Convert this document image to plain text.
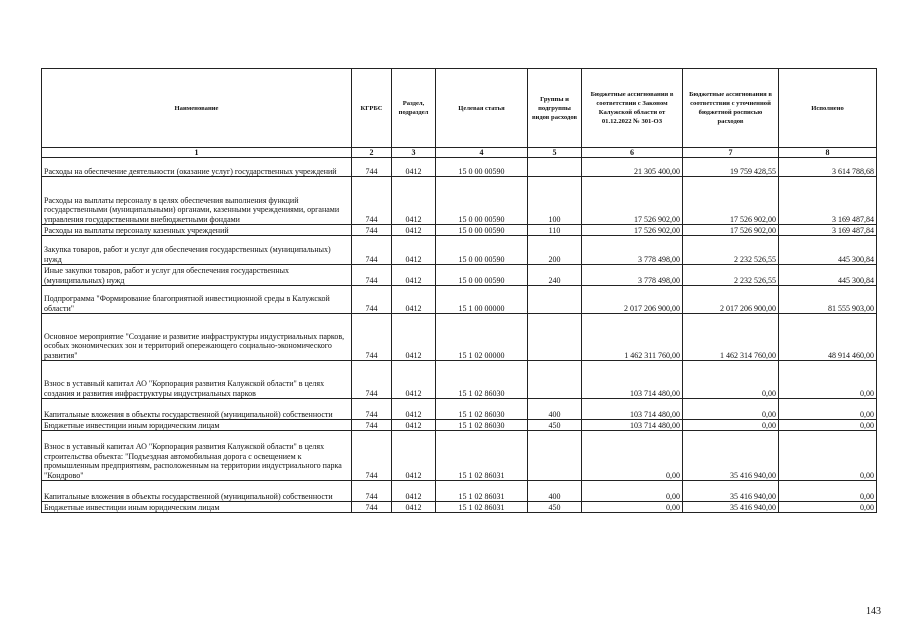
Наименование	КГРБС	Раздел, подраздел	Целевая статья	Группы и подгруппы видов расходов	Бюджетные ассигнования в соответствии с Законом Калужской области от 01.12.2022 № 301-ОЗ	Бюджетные ассигнования в соответствии с уточненной бюджетной росписью расходов	Исполнено
1	2	3	4	5	6	7	8
Расходы на обеспечение деятельности (оказание услуг) государственных учреждений	744	0412	15 0 00 00590		21 305 400,00	19 759 428,55	3 614 788,68
Расходы на выплаты персоналу в целях обеспечения выполнения функций государственными (муниципальными) органами, казенными учреждениями, органами управления государственными внебюджетными фондами	744	0412	15 0 00 00590	100	17 526 902,00	17 526 902,00	3 169 487,84
Расходы на выплаты персоналу казенных учреждений	744	0412	15 0 00 00590	110	17 526 902,00	17 526 902,00	3 169 487,84
Закупка товаров, работ и услуг для обеспечения государственных (муниципальных) нужд	744	0412	15 0 00 00590	200	3 778 498,00	2 232 526,55	445 300,84
Иные закупки товаров, работ и услуг для обеспечения государственных (муниципальных) нужд	744	0412	15 0 00 00590	240	3 778 498,00	2 232 526,55	445 300,84
Подпрограмма "Формирование благоприятной инвестиционной среды в Калужской области"	744	0412	15 1 00 00000		2 017 206 900,00	2 017 206 900,00	81 555 903,00
Основное мероприятие "Создание и развитие инфраструктуры индустриальных парков, особых экономических зон и территорий опережающего социально-экономического развития"	744	0412	15 1 02 00000		1 462 311 760,00	1 462 314 760,00	48 914 460,00
Взнос в уставный капитал АО "Корпорация развития Калужской области" в целях создания и развития инфраструктуры индустриальных парков	744	0412	15 1 02 86030		103 714 480,00	0,00	0,00
Капитальные вложения в объекты государственной (муниципальной) собственности	744	0412	15 1 02 86030	400	103 714 480,00	0,00	0,00
Бюджетные инвестиции иным юридическим лицам	744	0412	15 1 02 86030	450	103 714 480,00	0,00	0,00
Взнос в уставный капитал АО "Корпорация развития Калужской области" в целях строительства объекта: "Подъездная автомобильная дорога с освещением к промышленным предприятиям, расположенным на территории индустриального парка "Кондрово"	744	0412	15 1 02 86031		0,00	35 416 940,00	0,00
Капитальные вложения в объекты государственной (муниципальной) собственности	744	0412	15 1 02 86031	400	0,00	35 416 940,00	0,00
Бюджетные инвестиции иным юридическим лицам	744	0412	15 1 02 86031	450	0,00	35 416 940,00	0,00
143
